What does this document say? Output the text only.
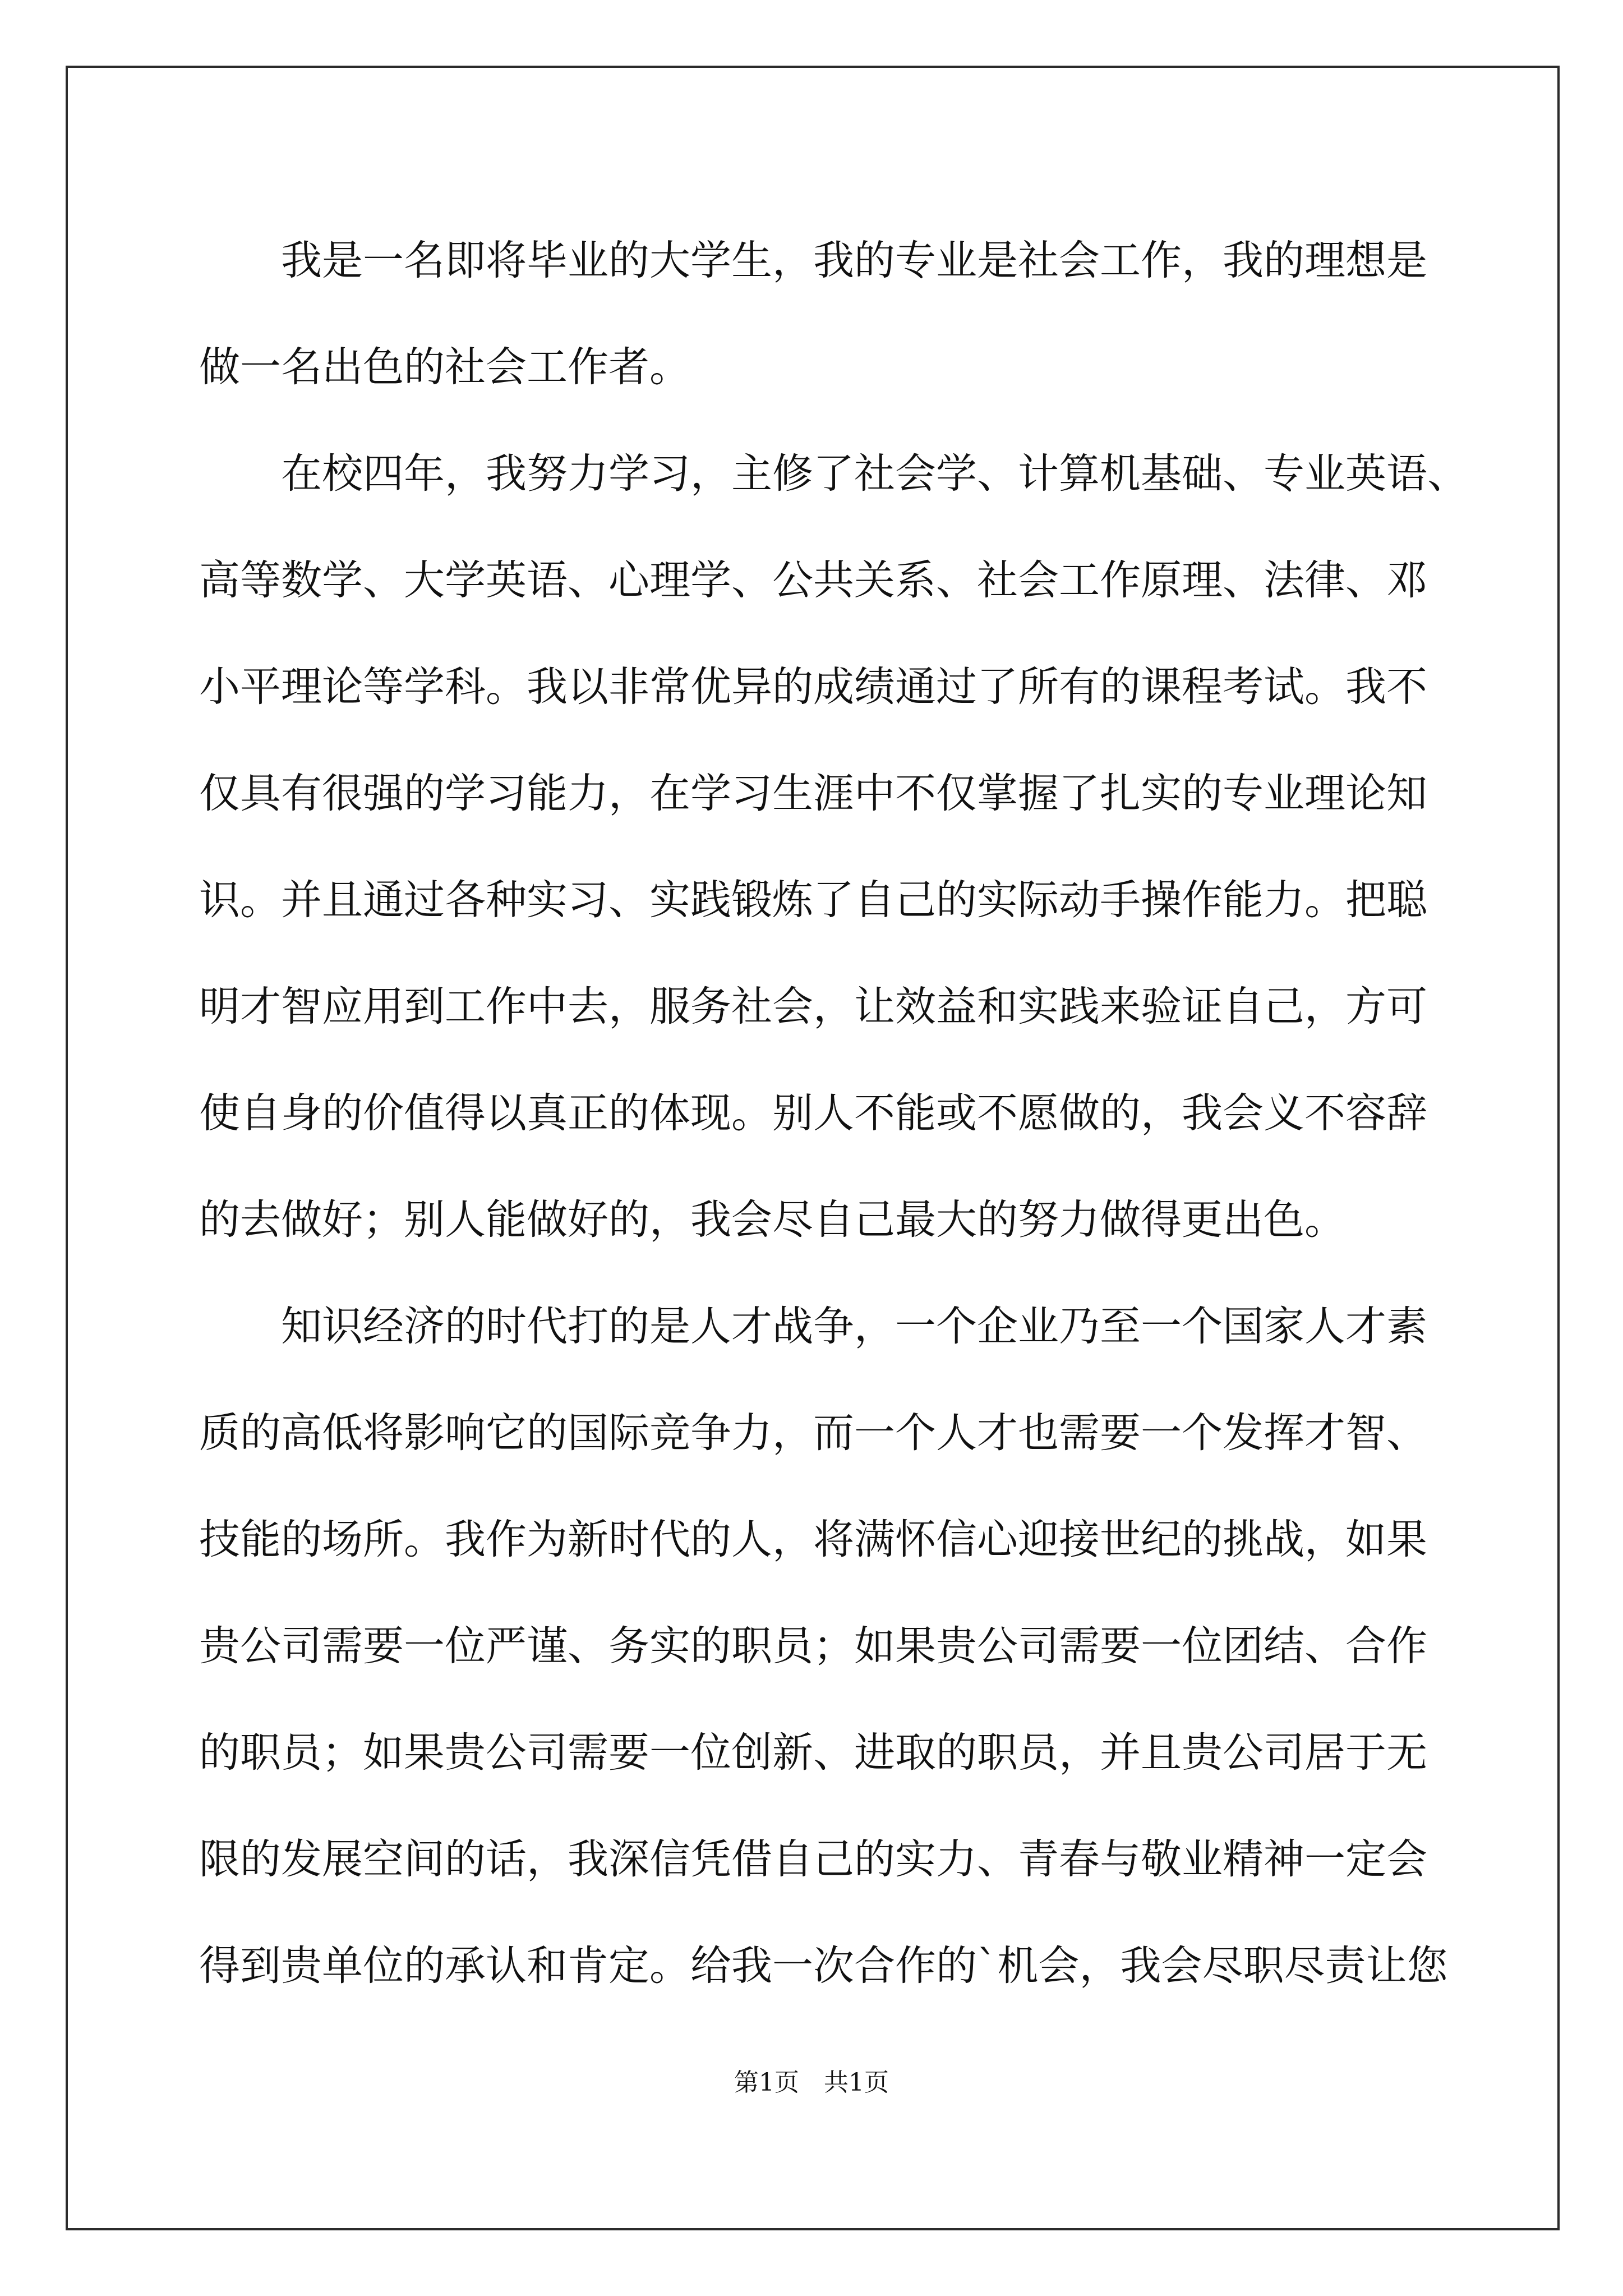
我是一名即将毕业的大学生，我的专业是社会工作，我的理想是
做一名出色的社会工作者。
在校四年，我努力学习，主修了社会学、计算机基础、专业英语、
高等数学、大学英语、心理学、公共关系、社会工作原理、法律、邓
小平理论等学科。我以非常优异的成绩通过了所有的课程考试。我不
仅具有很强的学习能力，在学习生涯中不仅掌握了扎实的专业理论知
识。并且通过各种实习、实践锻炼了自己的实际动手操作能力。把聪
明才智应用到工作中去，服务社会，让效益和实践来验证自己，方可
使自身的价值得以真正的体现。别人不能或不愿做的，我会义不容辞
的去做好；别人能做好的，我会尽自己最大的努力做得更出色。
知识经济的时代打的是人才战争，一个企业乃至一个国家人才素
质的高低将影响它的国际竞争力，而一个人才也需要一个发挥才智、
技能的场所。我作为新时代的人，将满怀信心迎接世纪的挑战，如果
贵公司需要一位严谨、务实的职员；如果贵公司需要一位团结、合作
的职员；如果贵公司需要一位创新、进取的职员，并且贵公司居于无
限的发展空间的话，我深信凭借自己的实力、青春与敬业精神一定会
得到贵单位的承认和肯定。给我一次合作的`机会，我会尽职尽责让您
第1页　共1页
